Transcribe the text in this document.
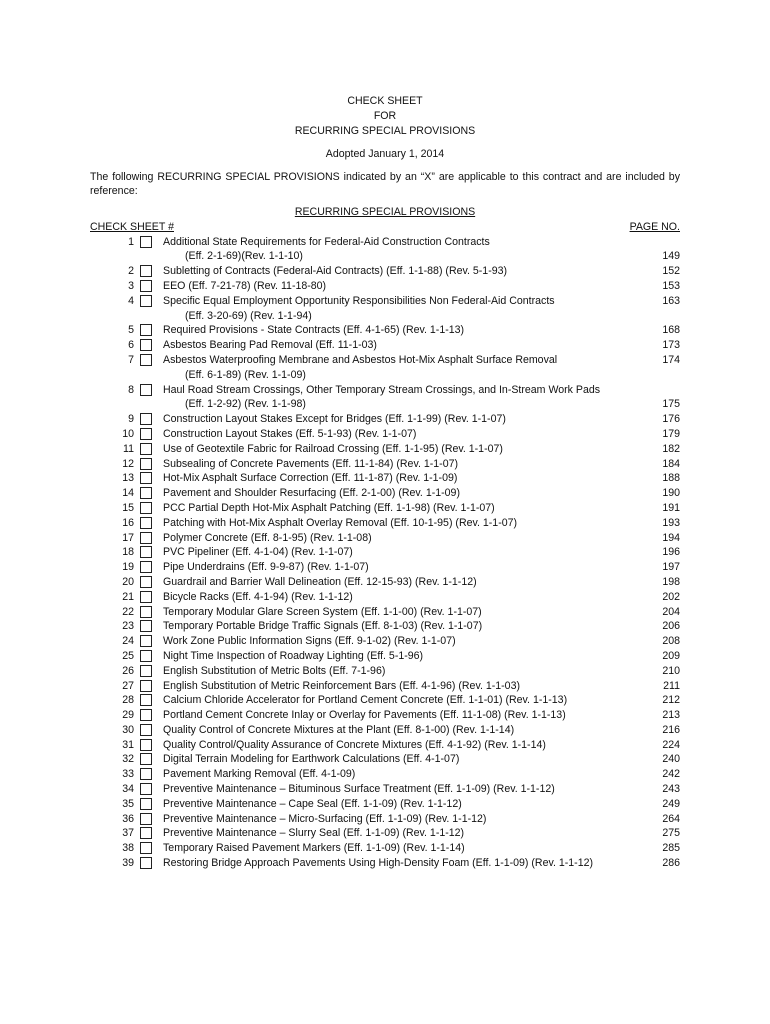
CHECK SHEET
FOR
RECURRING SPECIAL PROVISIONS
Adopted January 1, 2014
The following RECURRING SPECIAL PROVISIONS indicated by an “X” are applicable to this contract and are included by reference:
RECURRING SPECIAL PROVISIONS
CHECK SHEET #	PAGE NO.
1	Additional State Requirements for Federal-Aid Construction Contracts
(Eff. 2-1-69)(Rev. 1-1-10)	149
2	Subletting of Contracts (Federal-Aid Contracts) (Eff. 1-1-88) (Rev. 5-1-93)	152
3	EEO (Eff. 7-21-78) (Rev. 11-18-80)	153
4	Specific Equal Employment Opportunity Responsibilities Non Federal-Aid Contracts	163
(Eff. 3-20-69) (Rev. 1-1-94)
5	Required Provisions - State Contracts (Eff. 4-1-65) (Rev. 1-1-13)	168
6	Asbestos Bearing Pad Removal (Eff. 11-1-03)	173
7	Asbestos Waterproofing Membrane and Asbestos Hot-Mix Asphalt Surface Removal	174
(Eff. 6-1-89) (Rev. 1-1-09)
8	Haul Road Stream Crossings, Other Temporary Stream Crossings, and In-Stream Work Pads
(Eff. 1-2-92) (Rev. 1-1-98)	175
9	Construction Layout Stakes Except for Bridges (Eff. 1-1-99) (Rev. 1-1-07)	176
10	Construction Layout Stakes (Eff. 5-1-93) (Rev. 1-1-07)	179
11	Use of Geotextile Fabric for Railroad Crossing (Eff. 1-1-95) (Rev. 1-1-07)	182
12	Subsealing of Concrete Pavements (Eff. 11-1-84) (Rev. 1-1-07)	184
13	Hot-Mix Asphalt Surface Correction (Eff. 11-1-87) (Rev. 1-1-09)	188
14	Pavement and Shoulder Resurfacing (Eff. 2-1-00) (Rev. 1-1-09)	190
15	PCC Partial Depth Hot-Mix Asphalt Patching (Eff. 1-1-98) (Rev. 1-1-07)	191
16	Patching with Hot-Mix Asphalt Overlay Removal (Eff. 10-1-95) (Rev. 1-1-07)	193
17	Polymer Concrete (Eff. 8-1-95) (Rev. 1-1-08)	194
18	PVC Pipeliner (Eff. 4-1-04) (Rev. 1-1-07)	196
19	Pipe Underdrains (Eff. 9-9-87) (Rev. 1-1-07)	197
20	Guardrail and Barrier Wall Delineation (Eff. 12-15-93) (Rev. 1-1-12)	198
21	Bicycle Racks (Eff. 4-1-94) (Rev. 1-1-12)	202
22	Temporary Modular Glare Screen System (Eff. 1-1-00) (Rev. 1-1-07)	204
23	Temporary Portable Bridge Traffic Signals (Eff. 8-1-03) (Rev. 1-1-07)	206
24	Work Zone Public Information Signs (Eff. 9-1-02) (Rev. 1-1-07)	208
25	Night Time Inspection of Roadway Lighting (Eff. 5-1-96)	209
26	English Substitution of Metric Bolts (Eff. 7-1-96)	210
27	English Substitution of Metric Reinforcement Bars (Eff. 4-1-96) (Rev. 1-1-03)	211
28	Calcium Chloride Accelerator for Portland Cement Concrete (Eff. 1-1-01) (Rev. 1-1-13)	212
29	Portland Cement Concrete Inlay or Overlay for Pavements (Eff. 11-1-08) (Rev. 1-1-13)	213
30	Quality Control of Concrete Mixtures at the Plant (Eff. 8-1-00) (Rev. 1-1-14)	216
31	Quality Control/Quality Assurance of Concrete Mixtures (Eff. 4-1-92) (Rev. 1-1-14)	224
32	Digital Terrain Modeling for Earthwork Calculations (Eff. 4-1-07)	240
33	Pavement Marking Removal (Eff. 4-1-09)	242
34	Preventive Maintenance – Bituminous Surface Treatment (Eff. 1-1-09) (Rev. 1-1-12)	243
35	Preventive Maintenance – Cape Seal (Eff. 1-1-09) (Rev. 1-1-12)	249
36	Preventive Maintenance – Micro-Surfacing (Eff. 1-1-09) (Rev. 1-1-12)	264
37	Preventive Maintenance – Slurry Seal (Eff. 1-1-09) (Rev. 1-1-12)	275
38	Temporary Raised Pavement Markers (Eff. 1-1-09) (Rev. 1-1-14)	285
39	Restoring Bridge Approach Pavements Using High-Density Foam (Eff. 1-1-09) (Rev. 1-1-12)	286
